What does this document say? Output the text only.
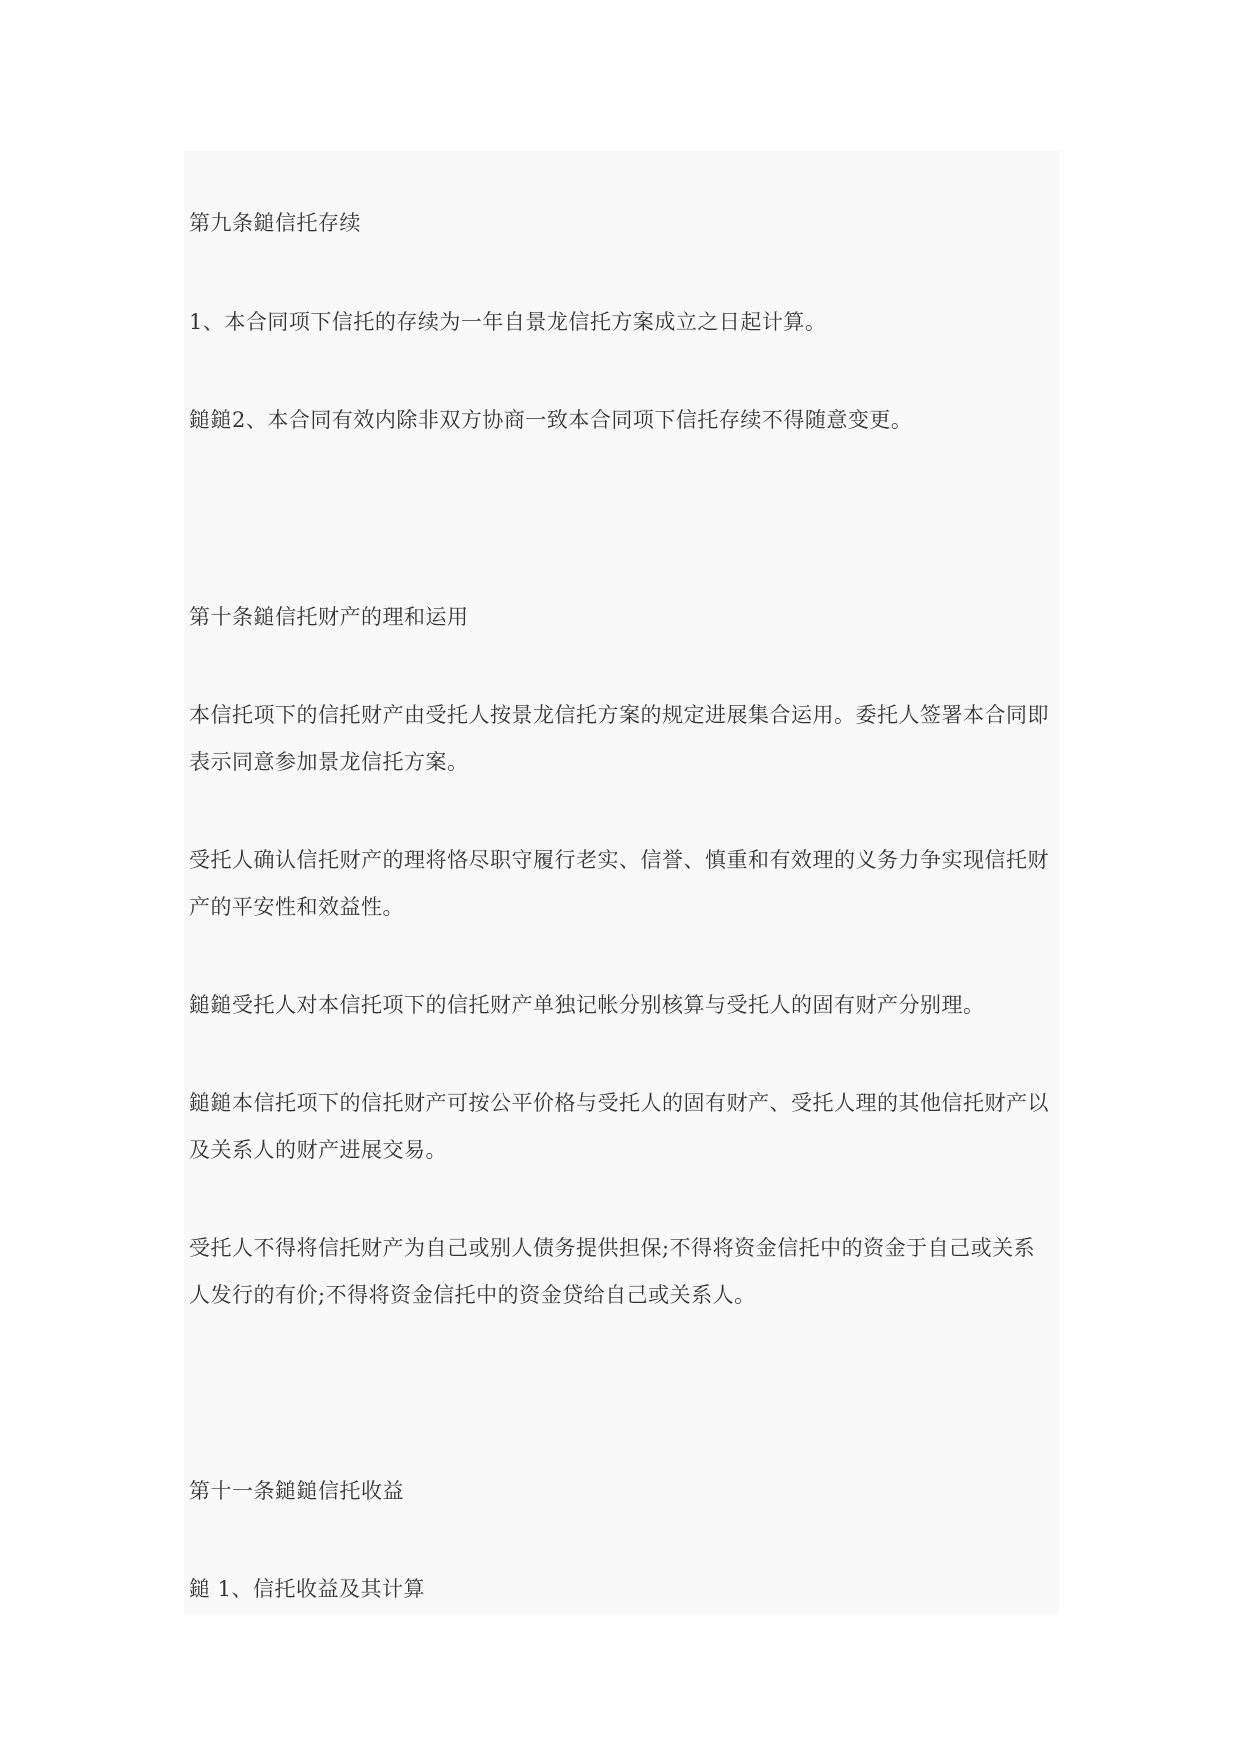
第九条鎚信托存续
1、本合同项下信托的存续为一年自景龙信托方案成立之日起计算。
鎚鎚2、本合同有效内除非双方协商一致本合同项下信托存续不得随意变更。
第十条鎚信托财产的理和运用
本信托项下的信托财产由受托人按景龙信托方案的规定进展集合运用。委托人签署本合同即
表示同意参加景龙信托方案。
受托人确认信托财产的理将恪尽职守履行老实、信誉、慎重和有效理的义务力争实现信托财
产的平安性和效益性。
鎚鎚受托人对本信托项下的信托财产单独记帐分别核算与受托人的固有财产分别理。
鎚鎚本信托项下的信托财产可按公平价格与受托人的固有财产、受托人理的其他信托财产以
及关系人的财产进展交易。
受托人不得将信托财产为自己或别人债务提供担保;不得将资金信托中的资金于自己或关系
人发行的有价;不得将资金信托中的资金贷给自己或关系人。
第十一条鎚鎚信托收益
鎚 1、信托收益及其计算
